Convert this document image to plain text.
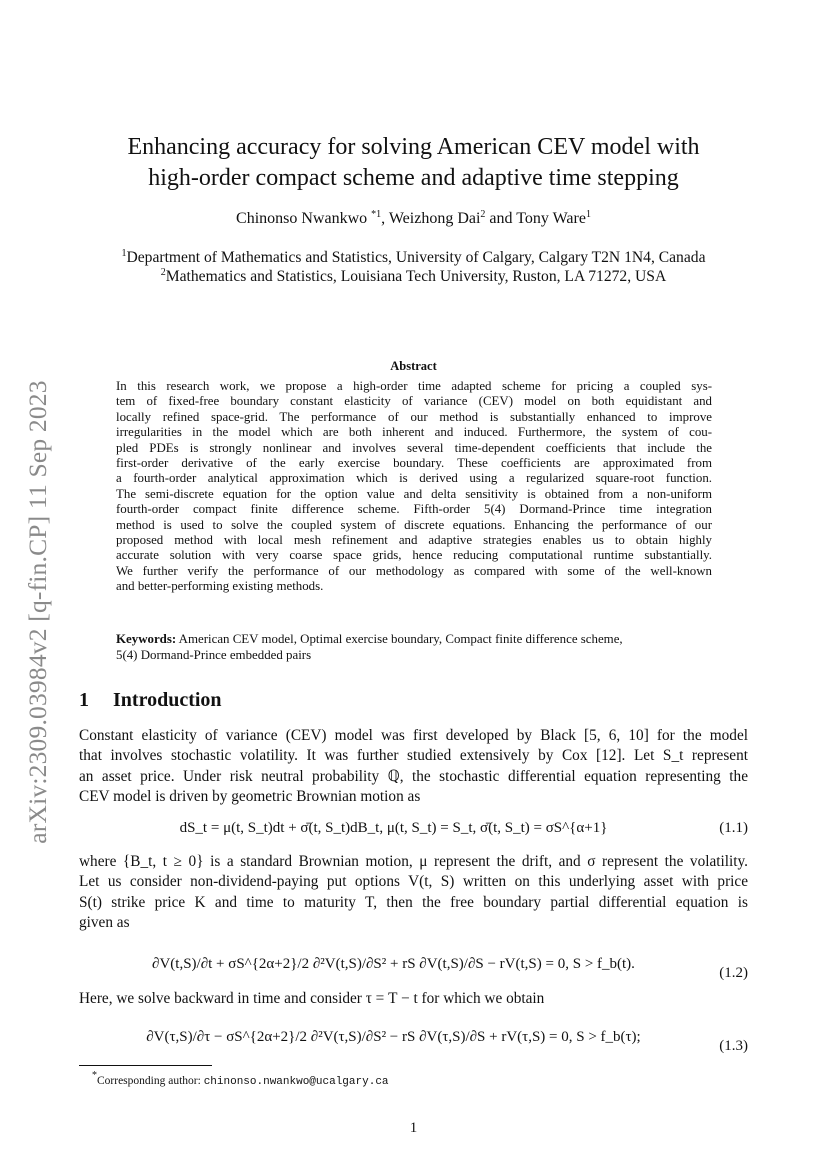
arXiv:2309.03984v2 [q-fin.CP] 11 Sep 2023
Enhancing accuracy for solving American CEV model with
high-order compact scheme and adaptive time stepping
Chinonso Nwankwo $^{*1}$, Weizhong Dai$^2$ and Tony Ware$^1$
$^1$Department of Mathematics and Statistics, University of Calgary, Calgary T2N 1N4, Canada
$^2$Mathematics and Statistics, Louisiana Tech University, Ruston, LA 71272, USA
Abstract

In this research work, we propose a high-order time adapted scheme for pricing a coupled sys-

tem of fixed-free boundary constant elasticity of variance (CEV) model on both equidistant and

locally refined space-grid. The performance of our method is substantially enhanced to improve

irregularities in the model which are both inherent and induced. Furthermore, the system of cou-

pled PDEs is strongly nonlinear and involves several time-dependent coefficients that include the

first-order derivative of the early exercise boundary. These coefficients are approximated from

a fourth-order analytical approximation which is derived using a regularized square-root function.

The semi-discrete equation for the option value and delta sensitivity is obtained from a non-uniform

fourth-order compact finite difference scheme. Fifth-order 5(4) Dormand-Prince time integration

method is used to solve the coupled system of discrete equations. Enhancing the performance of our

proposed method with local mesh refinement and adaptive strategies enables us to obtain highly

accurate solution with very coarse space grids, hence reducing computational runtime substantially.

We further verify the performance of our methodology as compared with some of the well-known

and better-performing existing methods.

Keywords: American CEV model, Optimal exercise boundary, Compact finite difference scheme,

5(4) Dormand-Prince embedded pairs

1 Introduction

Constant elasticity of variance (CEV) model was first developed by Black [5, 6, 10] for the model

that involves stochastic volatility. It was further studied extensively by Cox [12]. Let S_t represent

an asset price. Under risk neutral probability ℚ, the stochastic differential equation representing the

CEV model is driven by geometric Brownian motion as

dS_t = μ(t, S_t)dt + σ̄(t, S_t)dB_t, μ(t, S_t) = S_t, σ̄(t, S_t) = σS^{α+1}	(1.1)

where {B_t, t ≥ 0} is a standard Brownian motion, μ represent the drift, and σ represent the volatility.

Let us consider non-dividend-paying put options V(t, S) written on this underlying asset with price

S(t) strike price K and time to maturity T, then the free boundary partial differential equation is

given as

∂V(t,S)/∂t + σS^{2α+2}/2 ∂²V(t,S)/∂S² + rS ∂V(t,S)/∂S − rV(t,S) = 0, S > f_b(t).
(1.2)

Here, we solve backward in time and consider τ = T − t for which we obtain

∂V(τ,S)/∂τ − σS^{2α+2}/2 ∂²V(τ,S)/∂S² − rS ∂V(τ,S)/∂S + rV(τ,S) = 0, S > f_b(τ);
(1.3)
*Corresponding author: chinonso.nwankwo@ucalgary.ca
1
